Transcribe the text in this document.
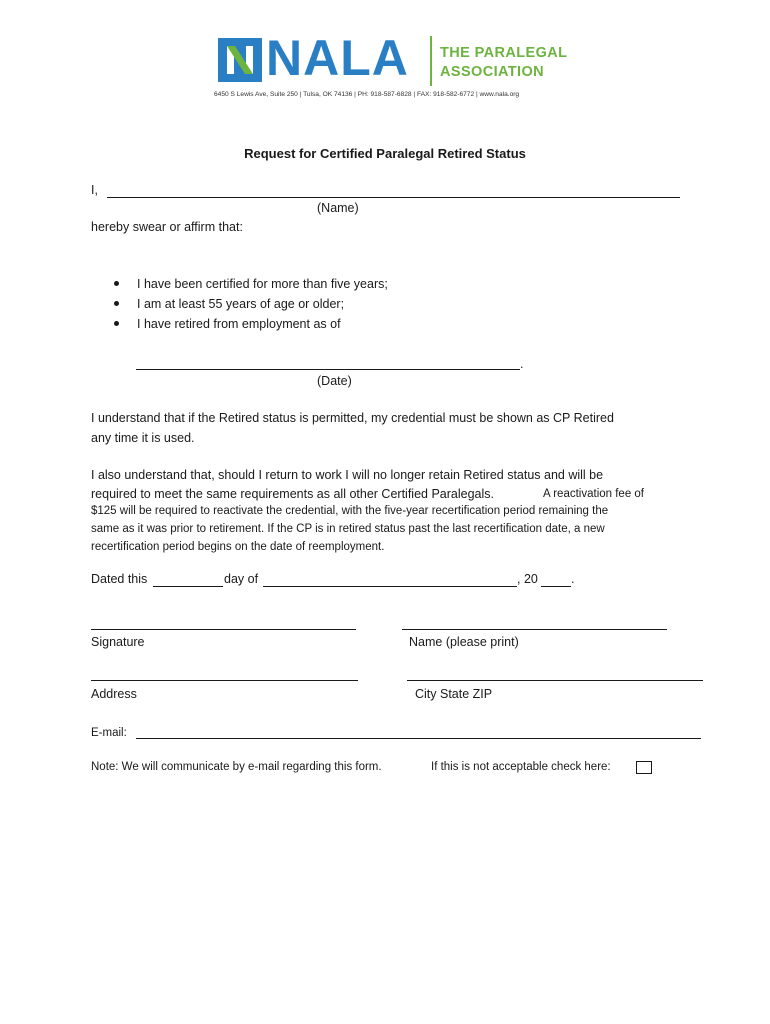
NALA THE PARALEGAL
ASSOCIATION
6450 S Lewis Ave, Suite 250 | Tulsa, OK 74136 | PH: 918-587-6828 | FAX: 918-582-6772 | www.nala.org
Request for Certified Paralegal Retired Status
I,
(Name)
hereby swear or affirm that:
I have been certified for more than five years;
I am at least 55 years of age or older;
I have retired from employment as of
.
(Date)
I understand that if the Retired status is permitted, my credential must be shown as CP Retired
any time it is used.
I also understand that, should I return to work I will no longer retain Retired status and will be
required to meet the same requirements as all other Certified Paralegals.	A reactivation fee of
$125 will be required to reactivate the credential, with the five-year recertification period remaining the
same as it was prior to retirement. If the CP is in retired status past the last recertification date, a new
recertification period begins on the date of reemployment.
Dated this	day of	, 20	.
Signature	Name (please print)
Address	City State ZIP
E-mail:
Note: We will communicate by e-mail regarding this form.	If this is not acceptable check here:
